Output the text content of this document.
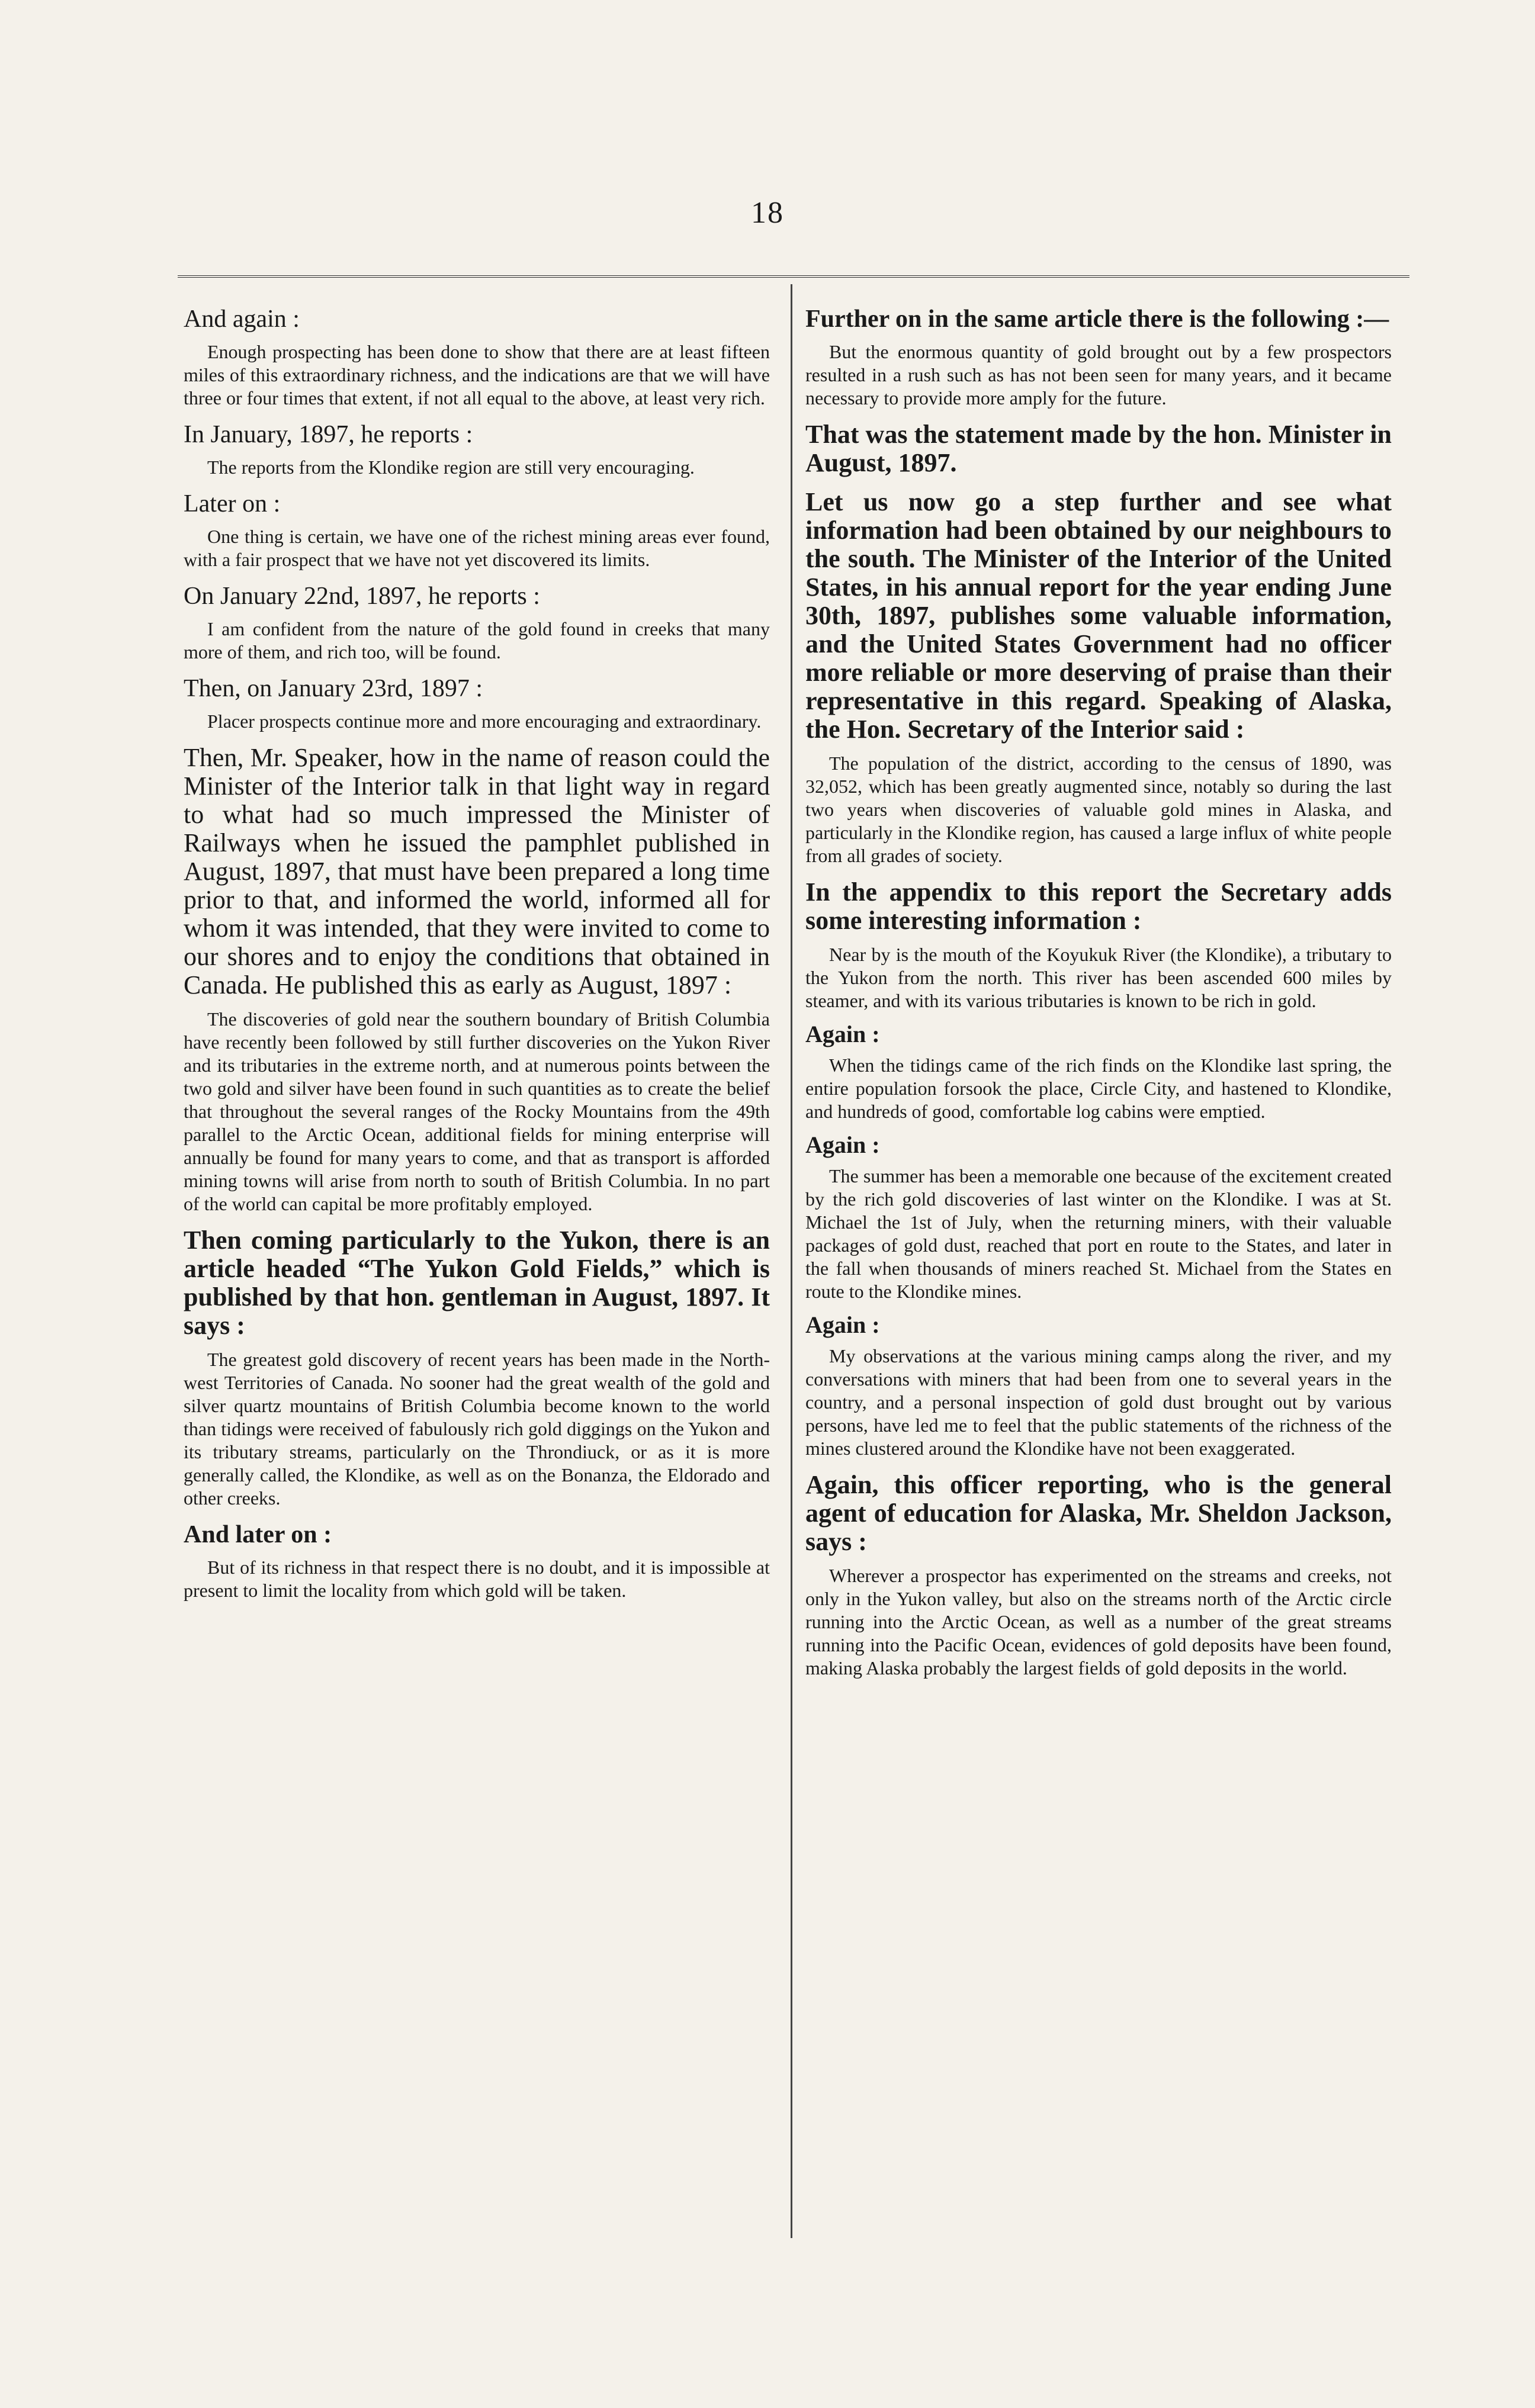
18

And again :

Enough prospecting has been done to show that there are at least fifteen miles of this extraordinary richness, and the indications are that we will have three or four times that extent, if not all equal to the above, at least very rich.

In January, 1897, he reports :

The reports from the Klondike region are still very encouraging.

Later on :

One thing is certain, we have one of the richest mining areas ever found, with a fair prospect that we have not yet discovered its limits.

On January 22nd, 1897, he reports :

I am confident from the nature of the gold found in creeks that many more of them, and rich too, will be found.

Then, on January 23rd, 1897 :

Placer prospects continue more and more encouraging and extraordinary.

Then, Mr. Speaker, how in the name of reason could the Minister of the Interior talk in that light way in regard to what had so much impressed the Minister of Railways when he issued the pamphlet published in August, 1897, that must have been prepared a long time prior to that, and informed the world, informed all for whom it was intended, that they were invited to come to our shores and to enjoy the conditions that obtained in Canada. He published this as early as August, 1897 :

The discoveries of gold near the southern boundary of British Columbia have recently been followed by still further discoveries on the Yukon River and its tributaries in the extreme north, and at numerous points between the two gold and silver have been found in such quantities as to create the belief that throughout the several ranges of the Rocky Mountains from the 49th parallel to the Arctic Ocean, additional fields for mining enterprise will annually be found for many years to come, and that as transport is afforded mining towns will arise from north to south of British Columbia. In no part of the world can capital be more profitably employed.

Then coming particularly to the Yukon, there is an article headed “The Yukon Gold Fields,” which is published by that hon. gentleman in August, 1897. It says :

The greatest gold discovery of recent years has been made in the North-west Territories of Canada. No sooner had the great wealth of the gold and silver quartz mountains of British Columbia become known to the world than tidings were received of fabulously rich gold diggings on the Yukon and its tributary streams, particularly on the Throndiuck, or as it is more generally called, the Klondike, as well as on the Bonanza, the Eldorado and other creeks.

And later on :

But of its richness in that respect there is no doubt, and it is impossible at present to limit the locality from which gold will be taken.

Further on in the same article there is the following :—

But the enormous quantity of gold brought out by a few prospectors resulted in a rush such as has not been seen for many years, and it became necessary to provide more amply for the future.

That was the statement made by the hon. Minister in August, 1897.

Let us now go a step further and see what information had been obtained by our neighbours to the south. The Minister of the Interior of the United States, in his annual report for the year ending June 30th, 1897, publishes some valuable information, and the United States Government had no officer more reliable or more deserving of praise than their representative in this regard. Speaking of Alaska, the Hon. Secretary of the Interior said :

The population of the district, according to the census of 1890, was 32,052, which has been greatly augmented since, notably so during the last two years when discoveries of valuable gold mines in Alaska, and particularly in the Klondike region, has caused a large influx of white people from all grades of society.

In the appendix to this report the Secretary adds some interesting information :

Near by is the mouth of the Koyukuk River (the Klondike), a tributary to the Yukon from the north. This river has been ascended 600 miles by steamer, and with its various tributaries is known to be rich in gold.

Again :

When the tidings came of the rich finds on the Klondike last spring, the entire population forsook the place, Circle City, and hastened to Klondike, and hundreds of good, comfortable log cabins were emptied.

Again :

The summer has been a memorable one because of the excitement created by the rich gold discoveries of last winter on the Klondike. I was at St. Michael the 1st of July, when the returning miners, with their valuable packages of gold dust, reached that port en route to the States, and later in the fall when thousands of miners reached St. Michael from the States en route to the Klondike mines.

Again :

My observations at the various mining camps along the river, and my conversations with miners that had been from one to several years in the country, and a personal inspection of gold dust brought out by various persons, have led me to feel that the public statements of the richness of the mines clustered around the Klondike have not been exaggerated.

Again, this officer reporting, who is the general agent of education for Alaska, Mr. Sheldon Jackson, says :

Wherever a prospector has experimented on the streams and creeks, not only in the Yukon valley, but also on the streams north of the Arctic circle running into the Arctic Ocean, as well as a number of the great streams running into the Pacific Ocean, evidences of gold deposits have been found, making Alaska probably the largest fields of gold deposits in the world.
